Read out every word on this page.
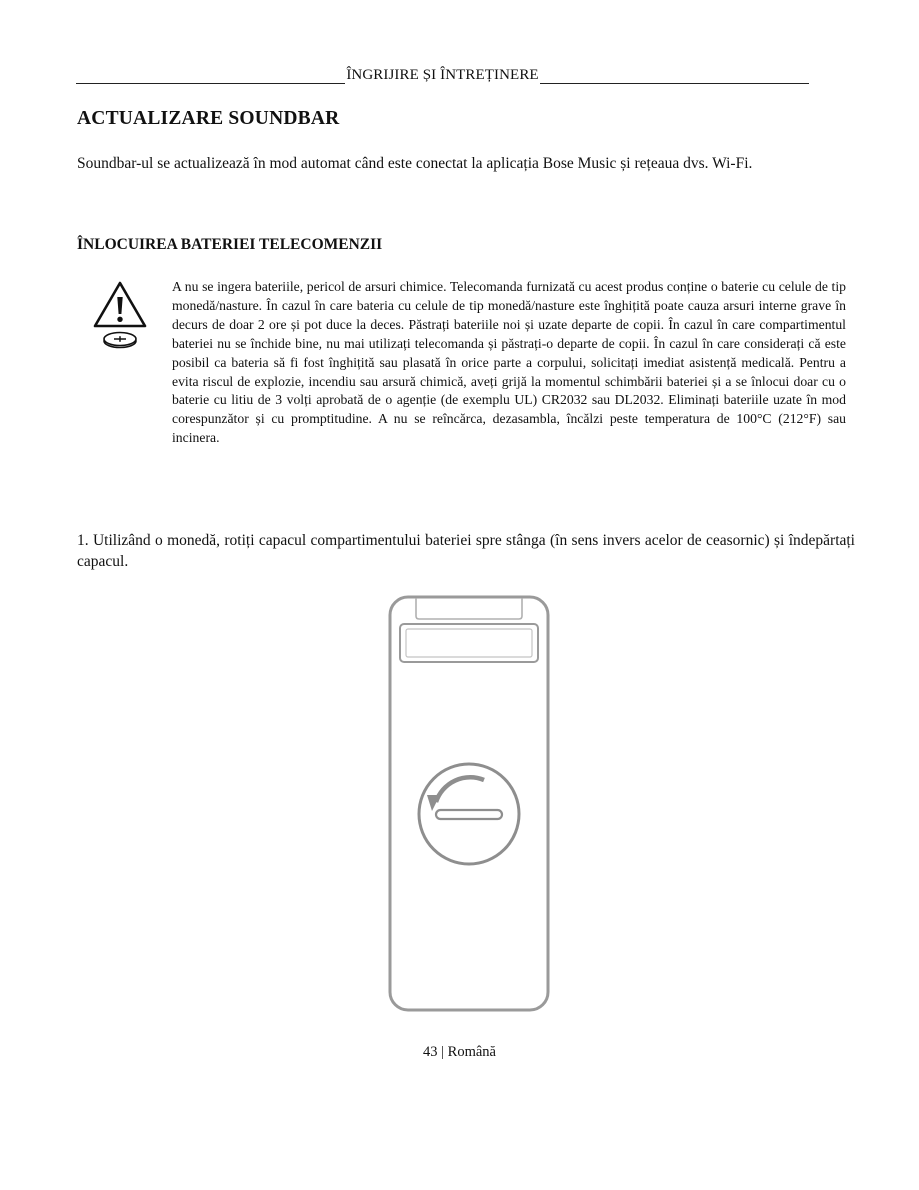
ÎNGRIJIRE ȘI ÎNTREȚINERE
ACTUALIZARE SOUNDBAR
Soundbar-ul se actualizează în mod automat când este conectat la aplicația Bose Music și rețeaua dvs. Wi-Fi.
ÎNLOCUIREA BATERIEI TELECOMENZII
A nu se ingera bateriile, pericol de arsuri chimice. Telecomanda furnizată cu acest produs conține o baterie cu celule de tip monedă/nasture. În cazul în care bateria cu celule de tip monedă/nasture este înghițită poate cauza arsuri interne grave în decurs de doar 2 ore și pot duce la deces. Păstrați bateriile noi și uzate departe de copii. În cazul în care compartimentul bateriei nu se închide bine, nu mai utilizați telecomanda și păstrați-o departe de copii. În cazul în care considerați că este posibil ca bateria să fi fost înghițită sau plasată în orice parte a corpului, solicitați imediat asistență medicală. Pentru a evita riscul de explozie, incendiu sau arsură chimică, aveți grijă la momentul schimbării bateriei și a se înlocui doar cu o baterie cu litiu de 3 volți aprobată de o agenție (de exemplu UL) CR2032 sau DL2032. Eliminați bateriile uzate în mod corespunzător și cu promptitudine. A nu se reîncărca, dezasambla, încălzi peste temperatura de 100°C (212°F) sau incinera.
1. Utilizând o monedă, rotiți capacul compartimentului bateriei spre stânga (în sens invers acelor de ceasornic) și îndepărtați capacul.
43 | Română
